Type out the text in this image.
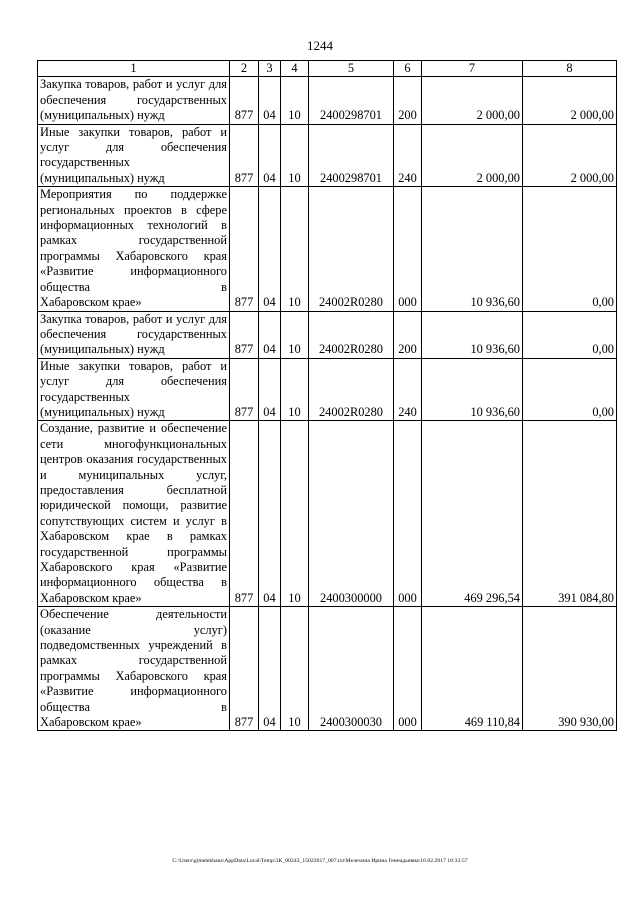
1244
1	2	3	4	5	6	7	8
Закупка товаров, работ и услуг для обеспечения государственных
(муниципальных) нужд	877	04	10	2400298701	200	2 000,00	2 000,00
Иные закупки товаров, работ и услуг для обеспечения государственных
(муниципальных) нужд	877	04	10	2400298701	240	2 000,00	2 000,00
Мероприятия по поддержке региональных проектов в сфере информационных технологий в рамках государственной программы Хабаровского края «Развитие информационного общества в
Хабаровском крае»	877	04	10	24002R0280	000	10 936,60	0,00
Закупка товаров, работ и услуг для обеспечения государственных
(муниципальных) нужд	877	04	10	24002R0280	200	10 936,60	0,00
Иные закупки товаров, работ и услуг для обеспечения государственных
(муниципальных) нужд	877	04	10	24002R0280	240	10 936,60	0,00
Создание, развитие и обеспечение сети многофункциональных центров оказания государственных и муниципальных услуг, предоставления бесплатной юридической помощи, развитие сопутствующих систем и услуг в Хабаровском крае в рамках государственной программы Хабаровского края «Развитие информационного общества в
Хабаровском крае»	877	04	10	2400300000	000	469 296,54	391 084,80
Обеспечение деятельности (оказание услуг) подведомственных учреждений в рамках государственной программы Хабаровского края «Развитие информационного общества в
Хабаровском крае»	877	04	10	2400300030	000	469 110,84	390 930,00
C:\Users\gimelekhaus\AppData\Local\Temp\3K_00243_15022017_007.txt\Мелехина Ирина Геннадьевна\16.02.2017 16:33:57
